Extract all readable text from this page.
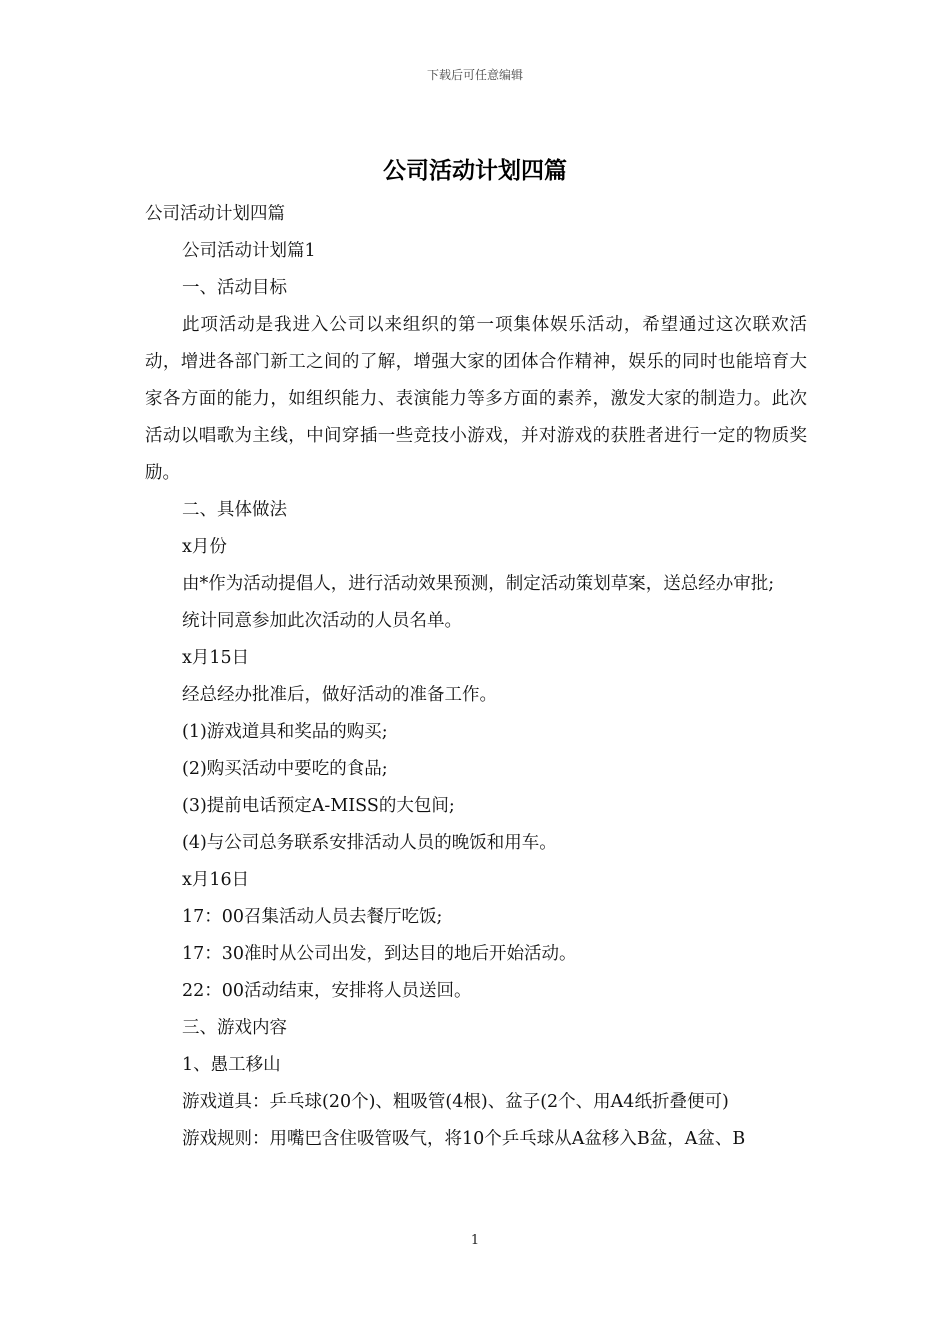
下载后可任意编辑
公司活动计划四篇

公司活动计划四篇

公司活动计划篇1

一、活动目标

此项活动是我进入公司以来组织的第一项集体娱乐活动，希望通过这次联欢活动，增进各部门新工之间的了解，增强大家的团体合作精神，娱乐的同时也能培育大家各方面的能力，如组织能力、表演能力等多方面的素养，激发大家的制造力。此次活动以唱歌为主线，中间穿插一些竞技小游戏，并对游戏的获胜者进行一定的物质奖励。

二、具体做法

x月份

由*作为活动提倡人，进行活动效果预测，制定活动策划草案，送总经办审批;

统计同意参加此次活动的人员名单。

x月15日

经总经办批准后，做好活动的准备工作。

(1)游戏道具和奖品的购买;

(2)购买活动中要吃的食品;

(3)提前电话预定A-MISS的大包间;

(4)与公司总务联系安排活动人员的晚饭和用车。

x月16日

17：00召集活动人员去餐厅吃饭;

17：30准时从公司出发，到达目的地后开始活动。

22：00活动结束，安排将人员送回。

三、游戏内容

1、愚工移山

游戏道具：乒乓球(20个)、粗吸管(4根)、盆子(2个、用A4纸折叠便可)

游戏规则：用嘴巴含住吸管吸气，将10个乒乓球从A盆移入B盆，A盆、B

1
